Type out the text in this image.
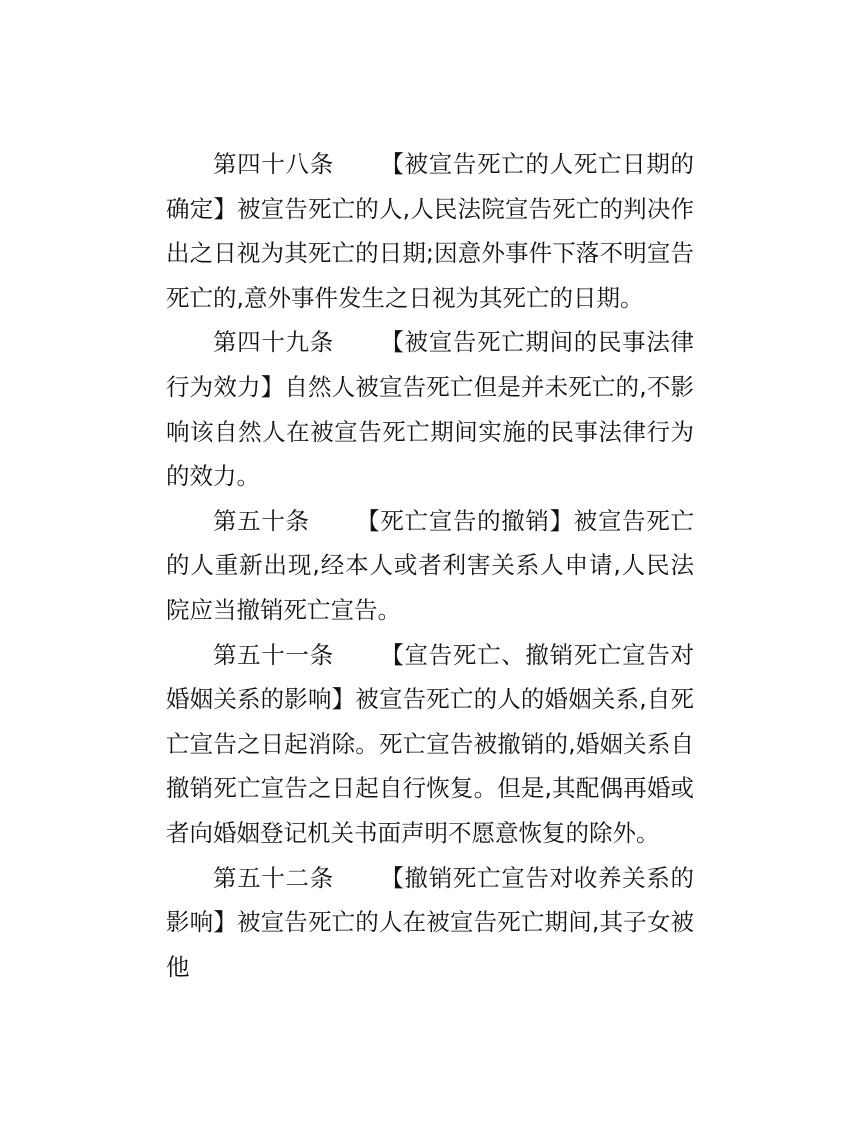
第四十八条 【被宣告死亡的人死亡日期的确定】被宣告死亡的人,人民法院宣告死亡的判决作出之日视为其死亡的日期;因意外事件下落不明宣告死亡的,意外事件发生之日视为其死亡的日期。

第四十九条 【被宣告死亡期间的民事法律行为效力】自然人被宣告死亡但是并未死亡的,不影响该自然人在被宣告死亡期间实施的民事法律行为的效力。

第五十条 【死亡宣告的撤销】被宣告死亡的人重新出现,经本人或者利害关系人申请,人民法院应当撤销死亡宣告。

第五十一条 【宣告死亡、撤销死亡宣告对婚姻关系的影响】被宣告死亡的人的婚姻关系,自死亡宣告之日起消除。死亡宣告被撤销的,婚姻关系自撤销死亡宣告之日起自行恢复。但是,其配偶再婚或者向婚姻登记机关书面声明不愿意恢复的除外。

第五十二条 【撤销死亡宣告对收养关系的影响】被宣告死亡的人在被宣告死亡期间,其子女被他
